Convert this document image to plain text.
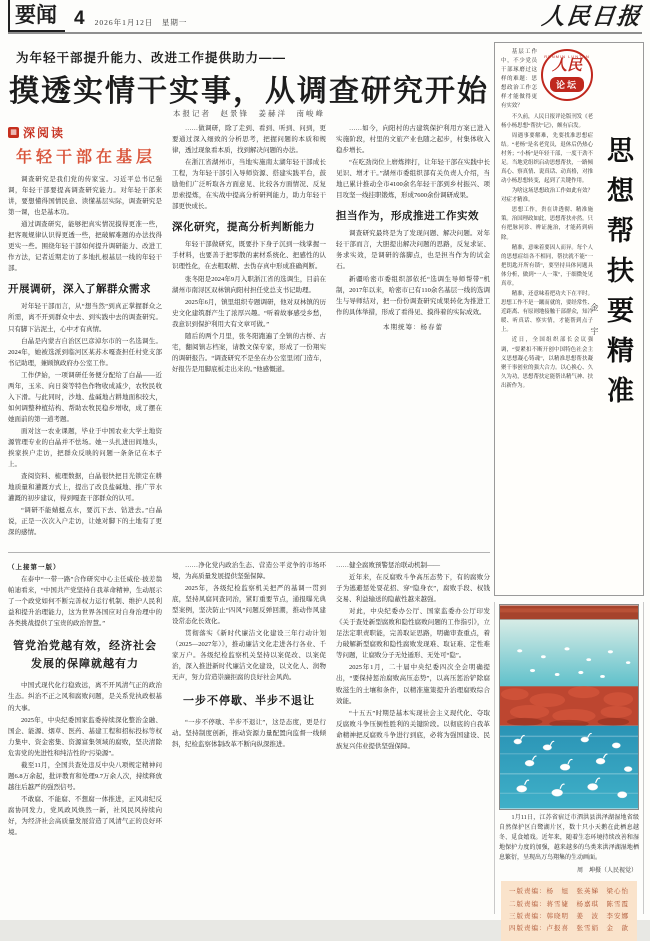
要闻 4 2026年1月12日　星期一	人民日报
为年轻干部提升能力、改进工作提供助力——
摸透实情干实事，从调查研究开始
本报记者　赵景锋　姜赫洋　南峻峰
▦ 深阅读
年轻干部在基层

调查研究是我们党的传家宝。习近平总书记强调，年轻干部要提高调查研究能力。对年轻干部来讲，要想懂得国情民意、读懂基层实际，调查研究是第一课，也是基本功。

通过调查研究，能够把真实情况摸得更准一些，把客观规律认识得更透一些，把破解难题的办法找得更实一些。围绕年轻干部如何提升调研能力、改进工作方法，记者近期走访了多地扎根基层一线的年轻干部。

开展调研，深入了解群众需求

对年轻干部而言，从“想当然”到真正掌握群众之所需，离不开到群众中去、到实践中去的调查研究。只有脚下沾泥土，心中才有真情。

白晶是内蒙古自治区巴彦淖尔市的一名选调生。2024年，她被选派到临河区某苏木嘎查担任村党支部书记助理，兼顾镇政府办公室工作。

工作伊始，一项调研任务便分配给了白晶——近两年，玉米、向日葵等特色作物收成减少，农牧民收入下滑。与此同时，沙地、盐碱地占耕地面积较大，如何调整种植结构、帮助农牧民稳步增收，成了摆在她面前的第一道考题。

面对这一农业课题，毕业于中国农业大学土地资源管理专业的白晶并不怯场。她一头扎进田间地头，挨家挨户走访，把群众反映的问题一条条记在本子上。

查阅资料、梳理数据，白晶很快把目光锁定在耕地质量和灌溉方式上，提出了改良盐碱地、推广节水灌溉的初步建议，得到嘎查干部群众的认可。

“调研不能蜻蜓点水，要沉下去、钻进去。”白晶说，正是一次次入户走访，让她对脚下的土地有了更深的感情。

……做调研，除了走到、看到、听到、问到，更要通过深入细致的分析思考，把握问题的本质和规律，透过现象看本质，找到解决问题的办法。

在浙江省湖州市，当地实施南太湖年轻干部成长工程，为年轻干部引入导师资源、搭建实践平台，鼓励他们广泛听取各方面意见、比较各方面情况、反复思索提炼，在实战中提高分析研判能力，助力年轻干部更快成长。

深化研究，提高分析判断能力

年轻干部做研究，既要扑下身子沉到一线掌握一手材料，也要善于把零散的素材系统化、把感性的认识理性化，在去粗取精、去伪存真中形成准确判断。

张冬阳是2024年9月入职浙江省的选调生，目前在湖州市南浔区双林镇向阳村担任党总支书记助理。

2025年6月，镇里组织专题调研，他对双林镇的历史文化建筑群产生了浓厚兴趣。“听着故事感受乡愁，我意识到保护利用大有文章可做。”

随后的两个月里，张冬阳跑遍了全镇的古桥、古宅，翻阅镇志档案，请教文保专家，形成了一份翔实的调研报告。“调查研究不是坐在办公室里闭门造车，好报告是用脚底板走出来的。”他感慨道。

……如今，向阳村的古建筑保护利用方案已进入实施阶段，村里的文旅产业也随之起步，村集体收入稳步增长。

“在吃劲岗位上磨炼摔打，让年轻干部在实践中长见识、增才干。”湖州市委组织部有关负责人介绍，当地已累计推动全市4100余名年轻干部到乡村振兴、项目攻坚一线挂职锻炼，形成7600余份调研成果。

担当作为，形成推进工作实效

调查研究最终是为了发现问题、解决问题。对年轻干部而言，大胆提出解决问题的思路，反复求证、务求实效，是调研的落脚点，也是担当作为的试金石。

新疆哈密市委组织部依托“选调生导师帮带”机制，2017年以来，哈密市已有110余名基层一线的选调生与导师结对，把一份份调查研究成果转化为推进工作的具体举措，形成了看得见、摸得着的实际成效。

本期统筹：杨春蕾
RENMIN LUNTAN
人民
论坛

基层工作中，不少党员干部琢磨过这样的难题：思想政治工作怎样才能做得更有实效？

不久前，人民日报评论版刊发《老杨小杨思想“帮扶”记》，颇有启发。

周遇事要解难，先要找准思想症结。“老杨”是名老党员，退休后仍热心村务；“小杨”是年轻干部，一度干劲不足。当地党组织启动思想帮扶，一路倾真心、察真情、说真话、动真格，对推动小杨思想转变，起到了关键作用。

为啥这场思想政治工作如此有效？对症才精准。

思想工作，贵在讲透彻、精准施策。治国理政如此，思想帮扶亦然。只有把脉问诊、辨证施治，才能药到病除。

精准，意味着要因人而异。每个人的思想症结各不相同，帮扶就不能“一把钥匙开所有锁”，要坚持具体问题具体分析，做到“一人一策”，于细微处见真章。

精准，还意味着把功夫下在平时。思想工作不是一蹴而就的，要经常性、近距离、有原则地接触干部群众，知冷暖、听真话、察实情，才能帮到点子上。

近日，全国组织部长会议强调，“要紧扣不断开创中国特色社会主义思想凝心铸魂”，以精准思想帮扶凝聚干事创业的强大合力。以心换心、久久为功，思想帮扶定能帮出精气神、扶出新作为。

金　宇 思想帮扶要精准
（上接第一版）

在泰中“一带一路”合作研究中心主任威伦·披差翁帕迪看来，“中国共产党坚持自我革命精神，生动展示了一个政党如何不断完善权力运行机制、维护人民利益和提升治理能力，这为世界各国应对自身治理中的各类挑战提供了宝贵的政治智慧。”

管党治党越有效，经济社会发展的保障就越有力

中国式现代化行稳致远，离不开风清气正的政治生态。纠治不正之风和腐败问题，是关系党执政根基的大事。

2025年，中央纪委国家监委持续深化整治金融、国企、能源、烟草、医药、基建工程和招标投标等权力集中、资金密集、资源富集领域的腐败，坚决清除危害党的先进性和纯洁性的“污染源”。

截至11月，全国共查处违反中央八项规定精神问题6.8万余起，批评教育和处理9.7万余人次，持续释放越往后越严的强烈信号。

不敢腐、不能腐、不想腐一体推进，正风肃纪反腐协同发力，党风政风焕然一新，社风民风持续向好，为经济社会高质量发展营造了风清气正的良好环境。

……净化党内政治生态、营造公平竞争的市场环境，为高质量发展提供坚强保障。

2025年，各级纪检监察机关把严的基调一贯到底，坚持风腐同查同治，紧盯重要节点，通报曝光典型案例，坚决防止“四风”问题反弹回潮，推动作风建设常态化长效化。

贯彻落实《新时代廉洁文化建设三年行动计划（2025—2027年）》，推动廉洁文化走进各行各业、千家万户。各级纪检监察机关坚持以案促改、以案促治，深入推进新时代廉洁文化建设，以文化人、润物无声，努力营造崇廉拒腐的良好社会风尚。

一步不停歇、半步不退让

“一步不停歇、半步不退让”，这是态度，更是行动。坚持制度创新，推动资源力量配置向监督一线倾斜，纪检监察体制改革不断向纵深推进。

……健全腐败预警惩治联动机制——

近年来，在反腐败斗争高压态势下，有的腐败分子为逃避惩处耍花招、穿“隐身衣”，腐败手段、权钱交易、利益输送的隐蔽性越来越强。

对此，中央纪委办公厅、国家监委办公厅印发《关于查处新型腐败和隐性腐败问题的工作指引》，立足法定职责职能，完善取证思路，明确审查重点，着力破解新型腐败和隐性腐败发现难、取证难、定性难等问题，让腐败分子无处遁形、无处可“隐”。

2025年1月，二十届中央纪委四次全会明确提出，“要保持惩治腐败高压态势”，以高压惩治铲除腐败滋生的土壤和条件，以精准施策提升治理腐败综合效能。

“十五五”时期是基本实现社会主义现代化、夺取反腐败斗争压倒性胜利的关键阶段。以彻底的自我革命精神把反腐败斗争进行到底，必将为强国建设、民族复兴伟业提供坚强保障。

　　1月11日，江苏省宿迁市泗洪县洪泽湖湿地省级自然保护区白鹭湖片区，数十只小天鹅在此栖息越冬、觅食嬉戏。近年来，随着生态环境持续改善和湿地保护力度的加强，越来越多的鸟类来洪泽湖湿地栖息繁衍，呈现出万鸟翔集的生动画面。
周　坤摄（人民视觉）
一版责编：杨　旭　张英娣　梁心怡
二版责编：蒋雪婕　杨嘉琪　陈雪霞
三版责编：韩晓明　姜　波　李安娜
四版责编：卢报喜　张雪娟　金　歆
